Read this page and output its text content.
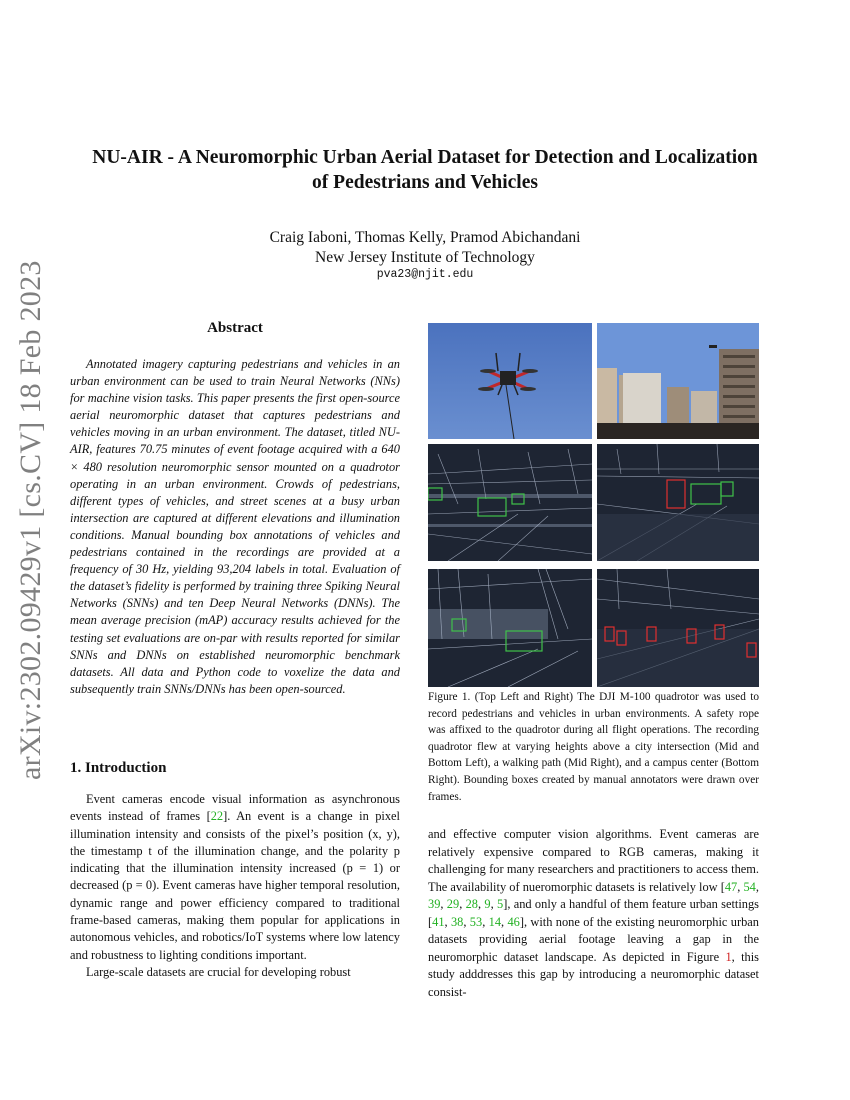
arXiv:2302.09429v1 [cs.CV] 18 Feb 2023
NU-AIR - A Neuromorphic Urban Aerial Dataset for Detection and Localization
of Pedestrians and Vehicles
Craig Iaboni, Thomas Kelly, Pramod Abichandani
New Jersey Institute of Technology
pva23@njit.edu
Abstract

Annotated imagery capturing pedestrians and vehicles in an urban environment can be used to train Neural Networks (NNs) for machine vision tasks. This paper presents the first open-source aerial neuromorphic dataset that captures pedestrians and vehicles moving in an urban environment. The dataset, titled NU-AIR, features 70.75 minutes of event footage acquired with a 640 × 480 resolution neuromorphic sensor mounted on a quadrotor operating in an urban environment. Crowds of pedestrians, different types of vehicles, and street scenes at a busy urban intersection are captured at different elevations and illumination conditions. Manual bounding box annotations of vehicles and pedestrians contained in the recordings are provided at a frequency of 30 Hz, yielding 93,204 labels in total. Evaluation of the dataset’s fidelity is performed by training three Spiking Neural Networks (SNNs) and ten Deep Neural Networks (DNNs). The mean average precision (mAP) accuracy results achieved for the testing set evaluations are on-par with results reported for similar SNNs and DNNs on established neuromorphic benchmark datasets. All data and Python code to voxelize the data and subsequently train SNNs/DNNs has been open-sourced.

1. Introduction

Event cameras encode visual information as asynchronous events instead of frames [22]. An event is a change in pixel illumination intensity and consists of the pixel’s position (x, y), the timestamp t of the illumination change, and the polarity p indicating that the illumination intensity increased (p = 1) or decreased (p = 0). Event cameras have higher temporal resolution, dynamic range and power efficiency compared to traditional frame-based cameras, making them popular for applications in autonomous vehicles, and robotics/IoT systems where low latency and robustness to lighting conditions important.

Large-scale datasets are crucial for developing robust

Figure 1. (Top Left and Right) The DJI M-100 quadrotor was used to record pedestrians and vehicles in urban environments. A safety rope was affixed to the quadrotor during all flight operations. The recording quadrotor flew at varying heights above a city intersection (Mid and Bottom Left), a walking path (Mid Right), and a campus center (Bottom Right). Bounding boxes created by manual annotators were drawn over frames.
and effective computer vision algorithms. Event cameras are relatively expensive compared to RGB cameras, making it challenging for many researchers and practitioners to access them. The availability of nueromorphic datasets is relatively low [47, 54, 39, 29, 28, 9, 5], and only a handful of them feature urban settings [41, 38, 53, 14, 46], with none of the existing neuromorphic urban datasets providing aerial footage leaving a gap in the neuromorphic dataset landscape. As depicted in Figure 1, this study adddresses this gap by introducing a neuromorphic dataset consist-
